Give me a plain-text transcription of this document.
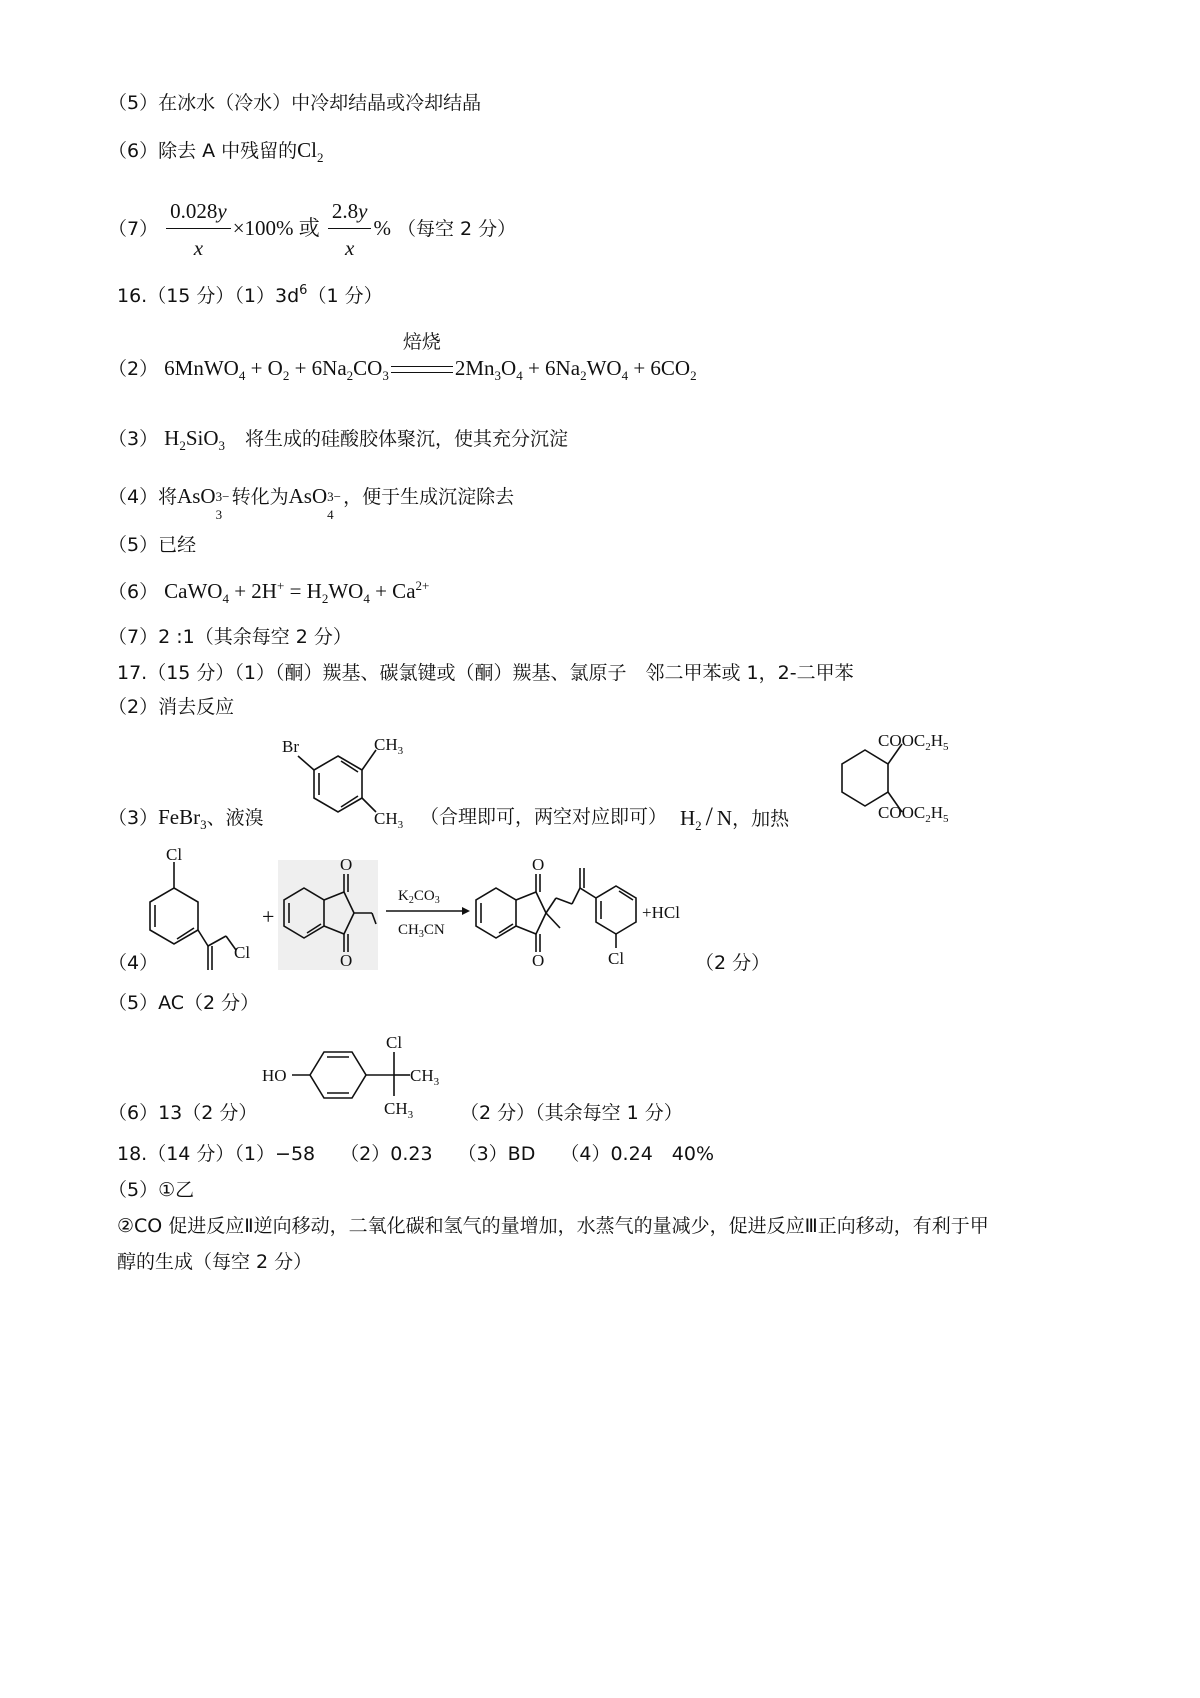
（5）在冰水（冷水）中冷却结晶或冷却结晶
（6）除去 A 中残留的$Cl_2$
$(7) \frac{0.028y}{x} \times 100\%$ 或 $\frac{2.8y}{x}$ % （每空 2 分）
16.（15 分）$(1)3d^6(1$ 分）
（2） 6MnWO$_4$ + $O_2 + 6Na_2CO_3$
焙烧
$2Mn_3O_4 + 6Na_2WO_4 + 6CO_2$
（3） $H_2SiO_3$ 将生成的硅酸胶体聚沉，使其充分沉淀
（4）将AsO 3−
3
转化为AsO 3−
4
，便于生成沉淀除去
（5）已经
（6） CaWO$_4$ + $2H^+ = H_2WO_4 + Ca^{2+}$
（7）2 :1（其余每空 2 分）
17.（15 分）（1）（酮）羰基、碳氯键或（酮）羰基、氯原子　邻二甲苯或 1，2-二甲苯
（2）消去反应
（3）FeBr$_3$、液溴
Br	$CH_3$
$CH_3$ （合理即可，两空对应即可） $H_2$ / N，加热
$COOC_2H_5$
$COOC_2H_5$
（4）
Cl
Cl
+
O
O
$K_2CO_3$
$CH_3CN$
O
O	Cl
+HCl
（2 分）
（5）AC（2 分）
（6）13（2 分）
HO
Cl
$CH_3$
$CH_3$ （2 分）（其余每空 1 分）
18.（14 分）（1）−58　 （2）0.23　 （3）BD　 （4）0.24　40%
（5）①乙
②CO 促进反应Ⅱ逆向移动，二氧化碳和氢气的量增加，水蒸气的量减少，促进反应Ⅲ正向移动，有利于甲
醇的生成（每空 2 分）
